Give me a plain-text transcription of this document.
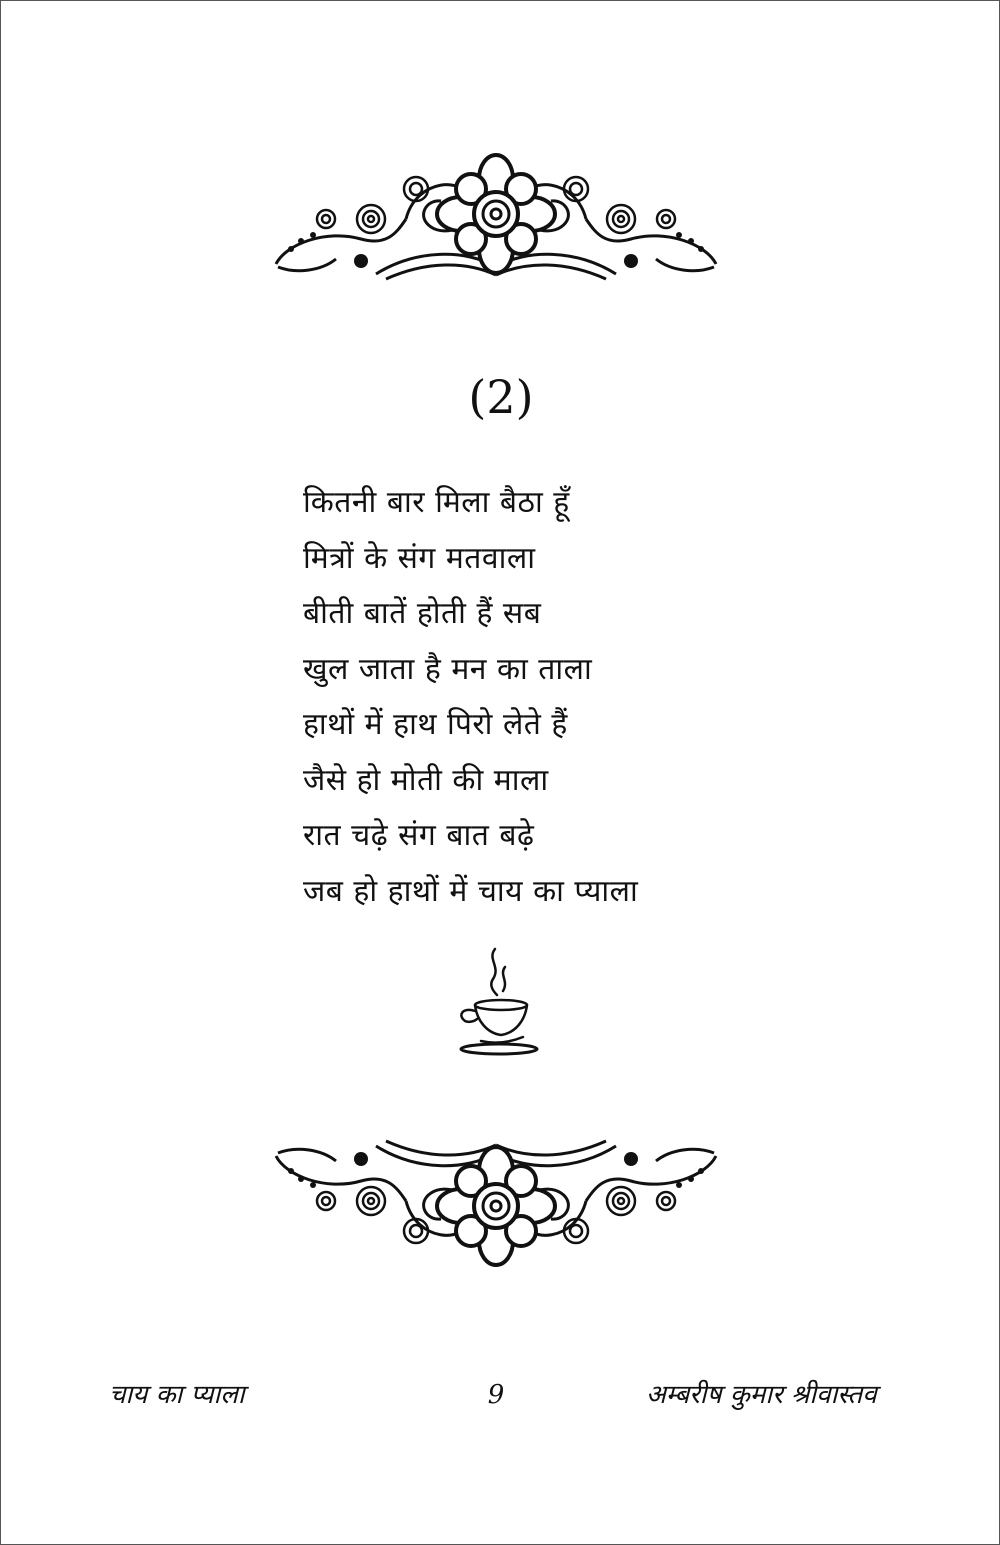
(2)
कितनी बार मिला बैठा हूँ
मित्रों के संग मतवाला
बीती बातें होती हैं सब
खुल जाता है मन का ताला
हाथों में हाथ पिरो लेते हैं
जैसे हो मोती की माला
रात चढ़े संग बात बढ़े
जब हो हाथों में चाय का प्याला
चाय का प्याला	9	अम्बरीष कुमार श्रीवास्तव
